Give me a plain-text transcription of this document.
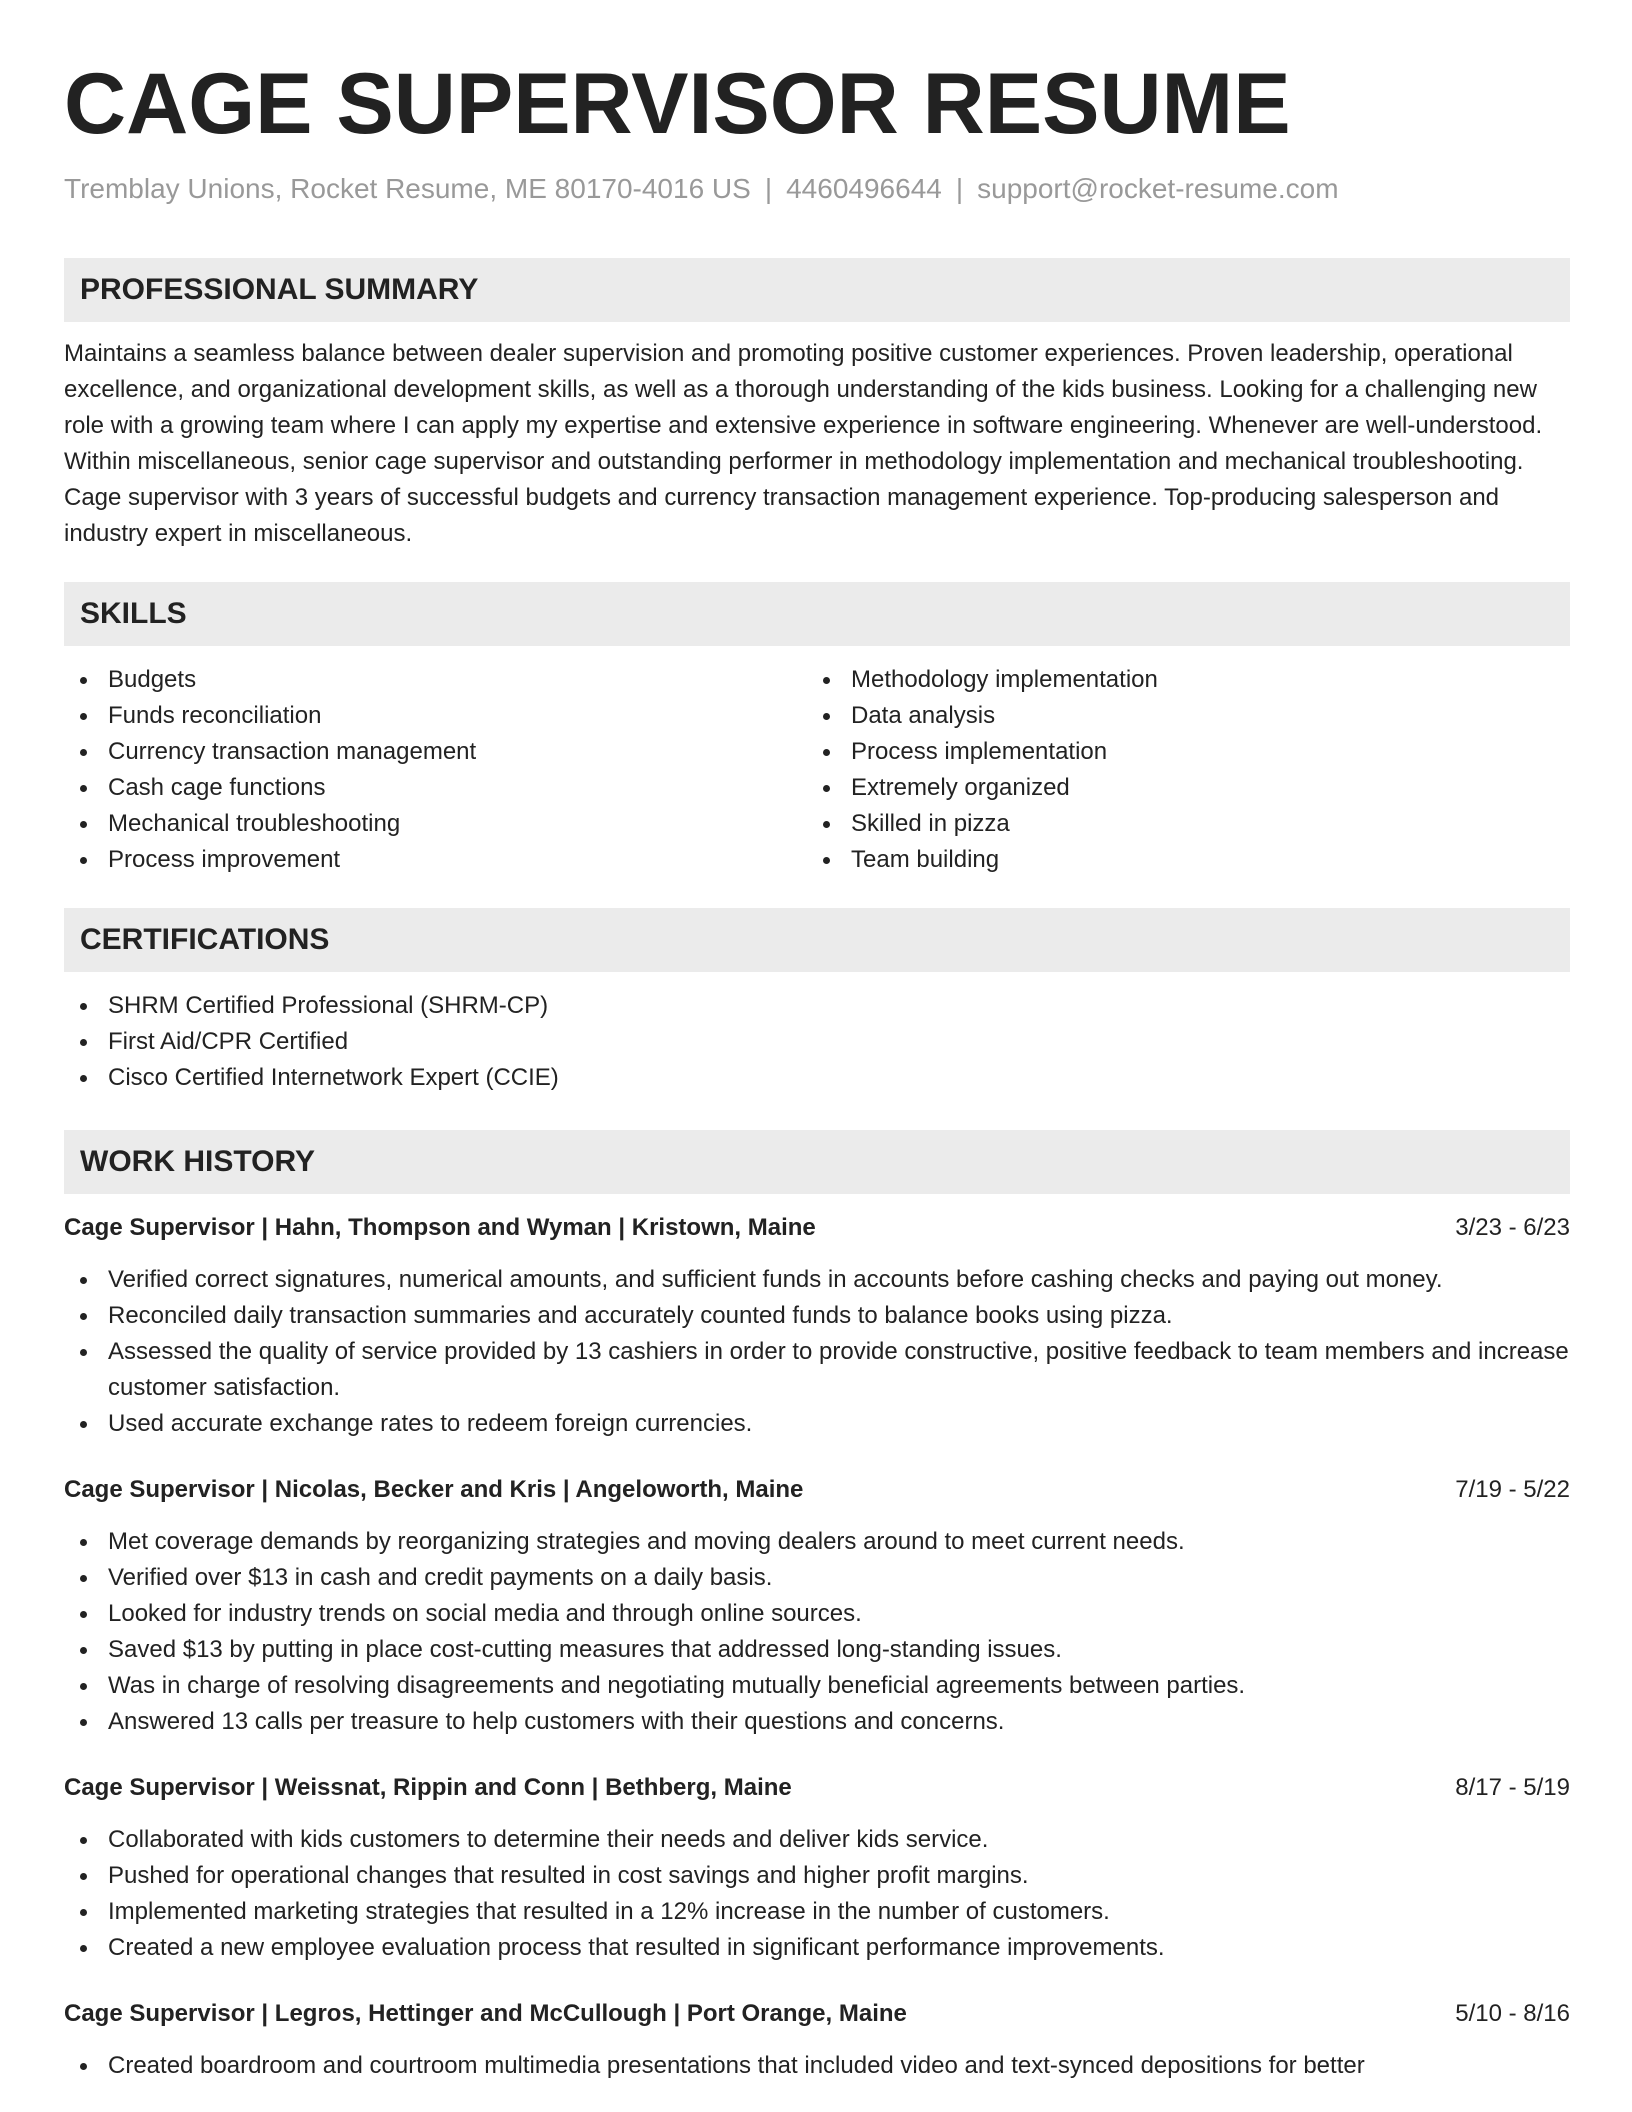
CAGE SUPERVISOR RESUME
Tremblay Unions, Rocket Resume, ME 80170-4016 US | 4460496644 | support@rocket-resume.com
PROFESSIONAL SUMMARY

Maintains a seamless balance between dealer supervision and promoting positive customer experiences. Proven leadership, operational excellence, and organizational development skills, as well as a thorough understanding of the kids business. Looking for a challenging new role with a growing team where I can apply my expertise and extensive experience in software engineering. Whenever are well-understood. Within miscellaneous, senior cage supervisor and outstanding performer in methodology implementation and mechanical troubleshooting. Cage supervisor with 3 years of successful budgets and currency transaction management experience. Top-producing salesperson and industry expert in miscellaneous.

SKILLS
Budgets
Funds reconciliation
Currency transaction management
Cash cage functions
Mechanical troubleshooting
Process improvement
Methodology implementation
Data analysis
Process implementation
Extremely organized
Skilled in pizza
Team building
CERTIFICATIONS
SHRM Certified Professional (SHRM-CP)
First Aid/CPR Certified
Cisco Certified Internetwork Expert (CCIE)
WORK HISTORY
Cage Supervisor | Hahn, Thompson and Wyman | Kristown, Maine	3/23 - 6/23
Verified correct signatures, numerical amounts, and sufficient funds in accounts before cashing checks and paying out money.
Reconciled daily transaction summaries and accurately counted funds to balance books using pizza.
Assessed the quality of service provided by 13 cashiers in order to provide constructive, positive feedback to team members and increase customer satisfaction.
Used accurate exchange rates to redeem foreign currencies.
Cage Supervisor | Nicolas, Becker and Kris | Angeloworth, Maine	7/19 - 5/22
Met coverage demands by reorganizing strategies and moving dealers around to meet current needs.
Verified over $13 in cash and credit payments on a daily basis.
Looked for industry trends on social media and through online sources.
Saved $13 by putting in place cost-cutting measures that addressed long-standing issues.
Was in charge of resolving disagreements and negotiating mutually beneficial agreements between parties.
Answered 13 calls per treasure to help customers with their questions and concerns.
Cage Supervisor | Weissnat, Rippin and Conn | Bethberg, Maine	8/17 - 5/19
Collaborated with kids customers to determine their needs and deliver kids service.
Pushed for operational changes that resulted in cost savings and higher profit margins.
Implemented marketing strategies that resulted in a 12% increase in the number of customers.
Created a new employee evaluation process that resulted in significant performance improvements.
Cage Supervisor | Legros, Hettinger and McCullough | Port Orange, Maine	5/10 - 8/16
Created boardroom and courtroom multimedia presentations that included video and text-synced depositions for better
